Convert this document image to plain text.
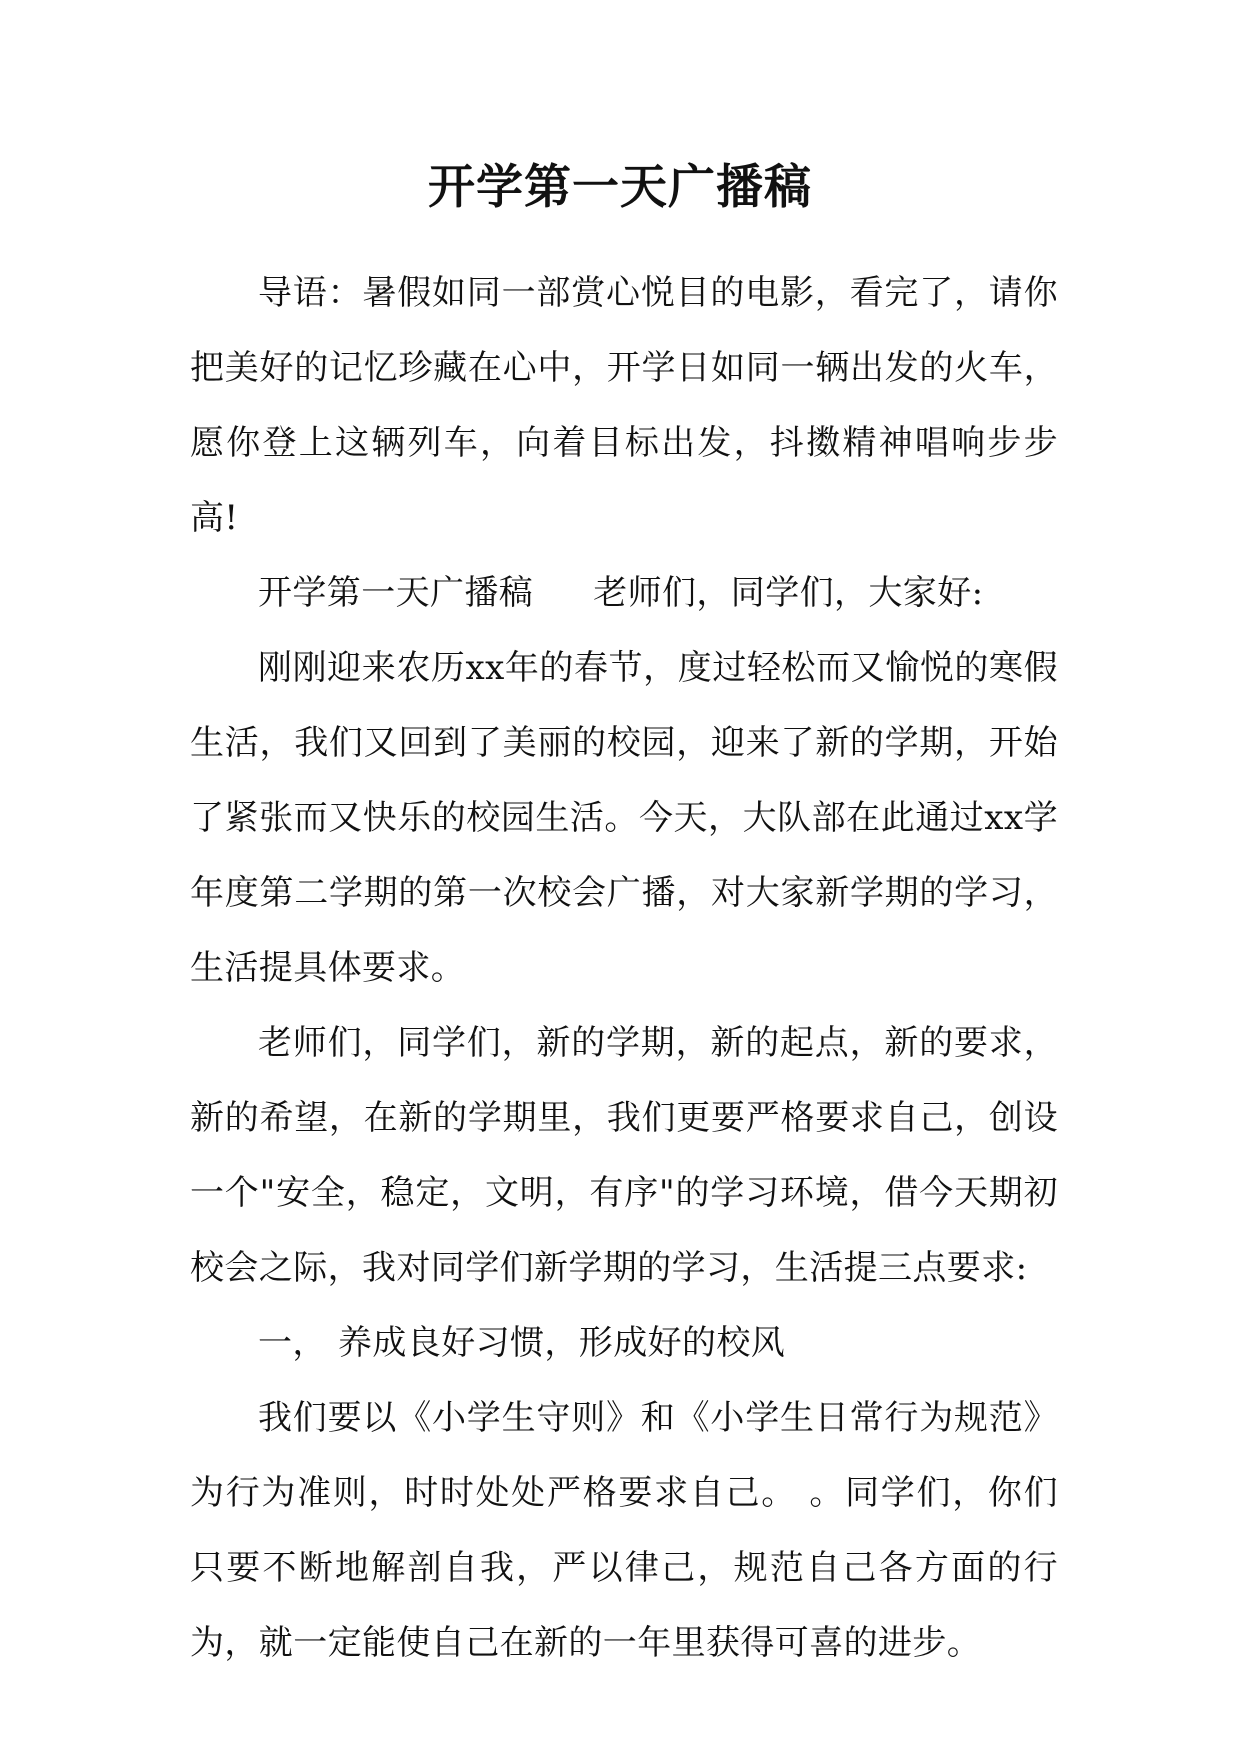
开学第一天广播稿

导语：暑假如同一部赏心悦目的电影，看完了，请你把美好的记忆珍藏在心中，开学日如同一辆出发的火车，愿你登上这辆列车，向着目标出发，抖擞精神唱响步步高!

开学第一天广播稿 老师们，同学们，大家好:

刚刚迎来农历xx年的春节，度过轻松而又愉悦的寒假生活，我们又回到了美丽的校园，迎来了新的学期，开始了紧张而又快乐的校园生活。今天，大队部在此通过xx学年度第二学期的第一次校会广播，对大家新学期的学习，生活提具体要求。

老师们，同学们，新的学期，新的起点，新的要求，新的希望，在新的学期里，我们更要严格要求自己，创设一个"安全，稳定，文明，有序"的学习环境，借今天期初校会之际，我对同学们新学期的学习，生活提三点要求:

一， 养成良好习惯，形成好的校风

我们要以《小学生守则》和《小学生日常行为规范》为行为准则，时时处处严格要求自己。 。同学们，你们只要不断地解剖自我，严以律己，规范自己各方面的行为，就一定能使自己在新的一年里获得可喜的进步。
